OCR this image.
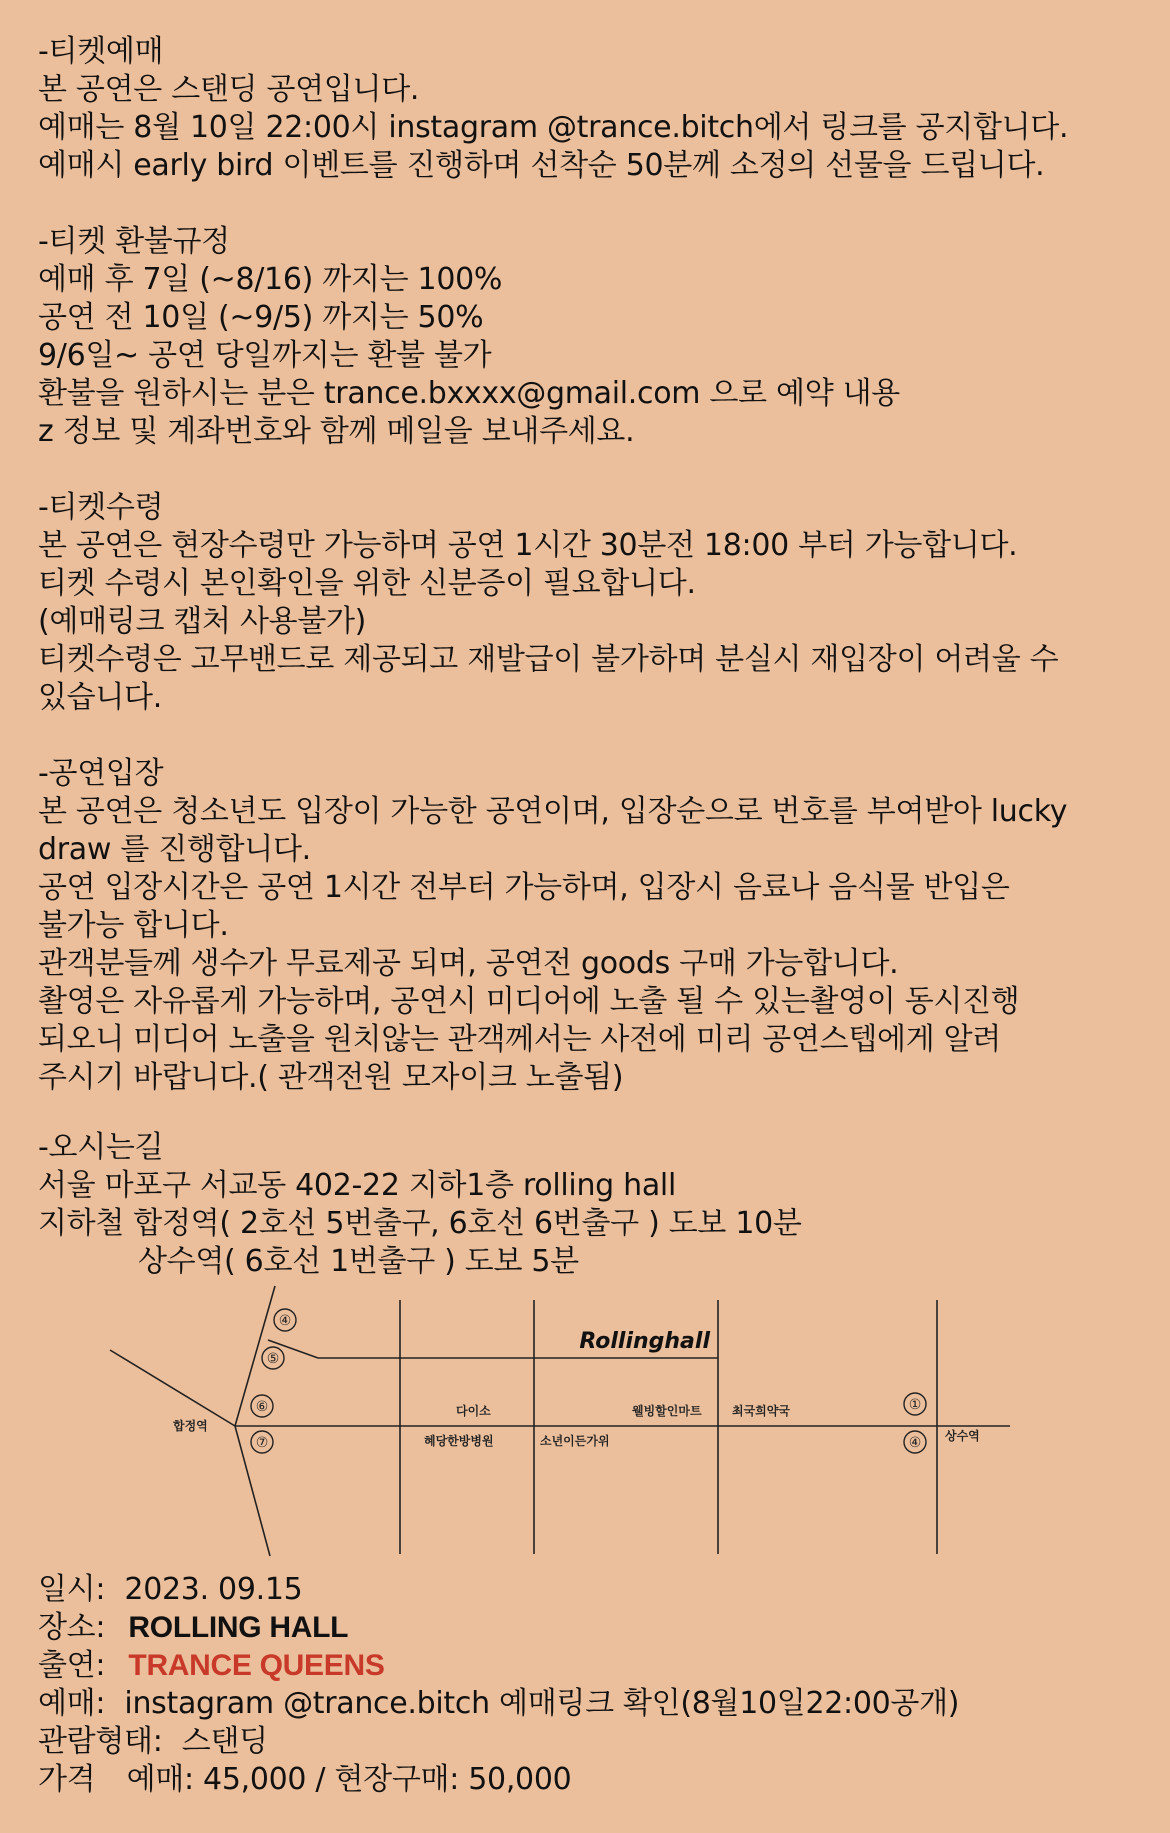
-티켓예매
본 공연은 스탠딩 공연입니다.
예매는 8월 10일 22:00시 instagram @trance.bitch에서 링크를 공지합니다.
예매시 early bird 이벤트를 진행하며 선착순 50분께 소정의 선물을 드립니다.
-티켓 환불규정
예매 후 7일 (~8/16) 까지는 100%
공연 전 10일 (~9/5) 까지는 50%
9/6일~ 공연 당일까지는 환불 불가
환불을 원하시는 분은 trance.bxxxx@gmail.com 으로 예약 내용
z 정보 및 계좌번호와 함께 메일을 보내주세요.
-티켓수령
본 공연은 현장수령만 가능하며 공연 1시간 30분전 18:00 부터 가능합니다.
티켓 수령시 본인확인을 위한 신분증이 필요합니다.
(예매링크 캡처 사용불가)
티켓수령은 고무밴드로 제공되고 재발급이 불가하며 분실시 재입장이 어려울 수
있습니다.
-공연입장
본 공연은 청소년도 입장이 가능한 공연이며, 입장순으로 번호를 부여받아 lucky
draw 를 진행합니다.
공연 입장시간은 공연 1시간 전부터 가능하며, 입장시 음료나 음식물 반입은
불가능 합니다.
관객분들께 생수가 무료제공 되며, 공연전 goods 구매 가능합니다.
촬영은 자유롭게 가능하며, 공연시 미디어에 노출 될 수 있는촬영이 동시진행
되오니 미디어 노출을 원치않는 관객께서는 사전에 미리 공연스텝에게 알려
주시기 바랍니다.( 관객전원 모자이크 노출됨)
-오시는길
서울 마포구 서교동 402-22 지하1층 rolling hall
지하철 합정역( 2호선 5번출구, 6호선 6번출구 ) 도보 10분
상수역( 6호선 1번출구 ) 도보 5분
④
⑤
⑥
⑦
①
④
Rollinghall
합정역
상수역
다이소
혜당한방병원	소년이든가위
웰빙할인마트	최국희약국
일시: 2023. 09.15
장소: ROLLING HALL
출연: TRANCE QUEENS
예매: instagram @trance.bitch 예매링크 확인(8월10일22:00공개)
관람형태: 스탠딩
가격 예매: 45,000 / 현장구매: 50,000
